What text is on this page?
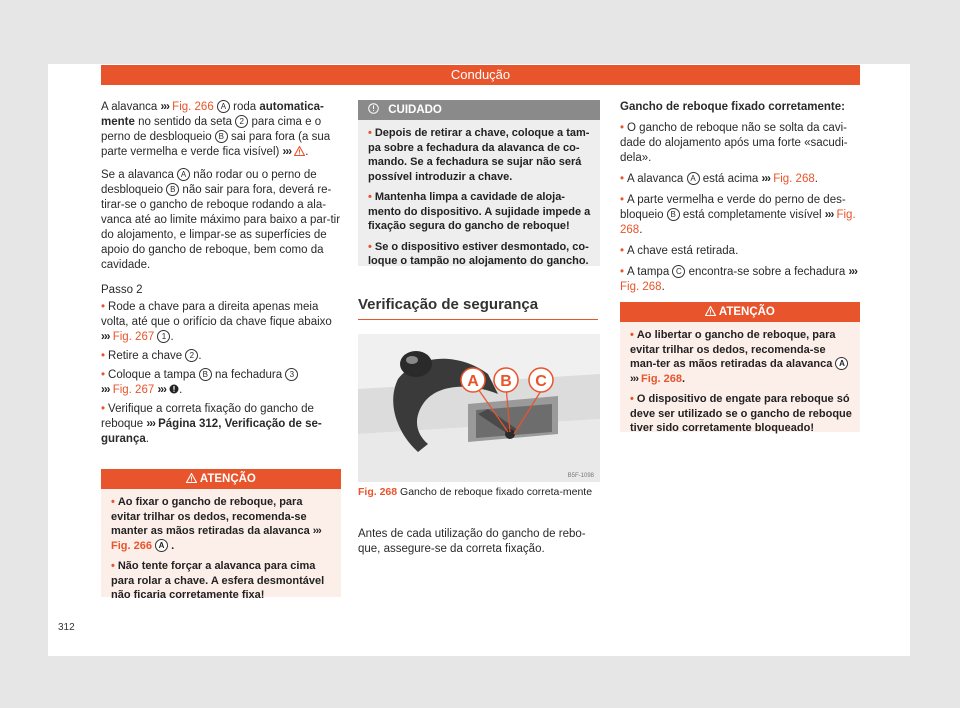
Condução

A alavanca ››› Fig. 266 A roda automatica-mente no sentido da seta 2 para cima e o perno de desbloqueio B sai para fora (a sua parte vermelha e verde fica visível) ››› .

Se a alavanca A não rodar ou o perno de desbloqueio B não sair para fora, deverá re-tirar-se o gancho de reboque rodando a ala-vanca até ao limite máximo para baixo a par-tir do alojamento, e limpar-se as superfícies de apoio do gancho de reboque, bem como da cavidade.

Passo 2

• Rode a chave para a direita apenas meia volta, até que o orifício da chave fique abaixo ››› Fig. 267 1 .

• Retire a chave 2 .

• Coloque a tampa B na fechadura 3
››› Fig. 267 ››› .

• Verifique a correta fixação do gancho de reboque ››› Página 312, Verificação de se-gurança.

ATENÇÃO

• Ao fixar o gancho de reboque, para evitar trilhar os dedos, recomenda-se manter as mãos retiradas da alavanca ››› Fig. 266 A .

• Não tente forçar a alavanca para cima para rolar a chave. A esfera desmontável não ficaria corretamente fixa!

CUIDADO

• Depois de retirar a chave, coloque a tam-pa sobre a fechadura da alavanca de co-mando. Se a fechadura se sujar não será possível introduzir a chave.

• Mantenha limpa a cavidade de aloja-mento do dispositivo. A sujidade impede a fixação segura do gancho de reboque!

• Se o dispositivo estiver desmontado, co-loque o tampão no alojamento do gancho.

Verificação de segurança
A B C
B5F-1098
Fig. 268 Gancho de reboque fixado correta-mente

Antes de cada utilização do gancho de rebo-que, assegure-se da correta fixação.

Gancho de reboque fixado corretamente:

• O gancho de reboque não se solta da cavi-dade do alojamento após uma forte «sacudi-dela».

• A alavanca A está acima ››› Fig. 268.

• A parte vermelha e verde do perno de des-bloqueio B está completamente visível ››› Fig. 268.

• A chave está retirada.

• A tampa C encontra-se sobre a fechadura ››› Fig. 268.

ATENÇÃO

• Ao libertar o gancho de reboque, para evitar trilhar os dedos, recomenda-se man-ter as mãos retiradas da alavanca A
››› Fig. 268.

• O dispositivo de engate para reboque só deve ser utilizado se o gancho de reboque tiver sido corretamente bloqueado!

312
